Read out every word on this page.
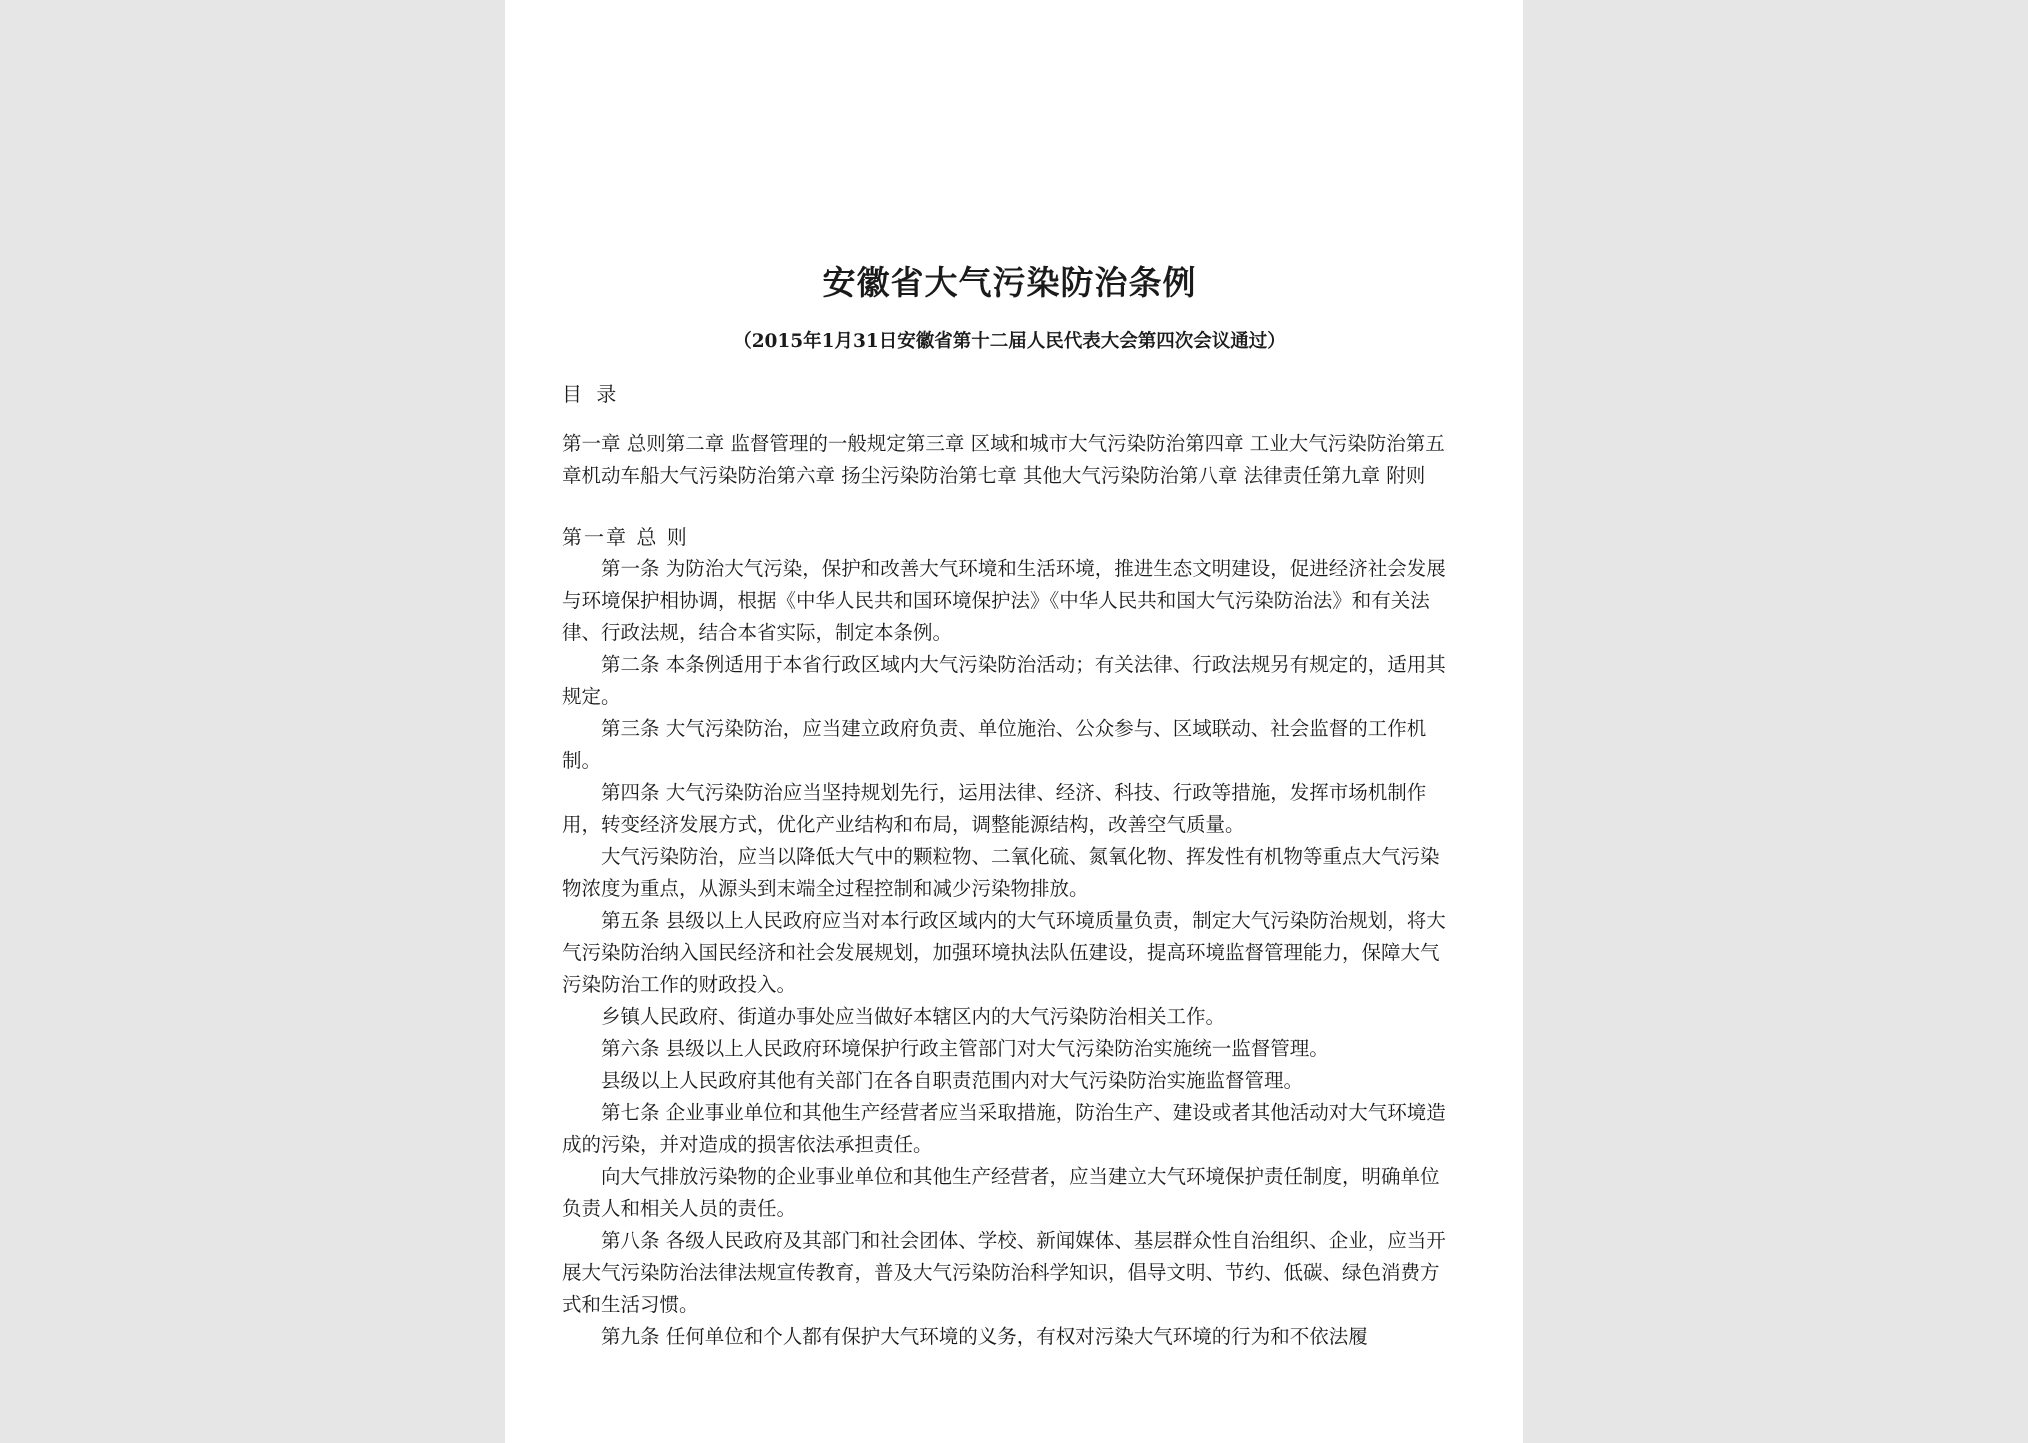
安徽省大气污染防治条例
（2015年1月31日安徽省第十二届人民代表大会第四次会议通过）
目 录
第一章 总则第二章 监督管理的一般规定第三章 区域和城市大气污染防治第四章 工业大气污染防治第五章机动车船大气污染防治第六章 扬尘污染防治第七章 其他大气污染防治第八章 法律责任第九章 附则
第一章 总 则

第一条 为防治大气污染，保护和改善大气环境和生活环境，推进生态文明建设，促进经济社会发展与环境保护相协调，根据《中华人民共和国环境保护法》《中华人民共和国大气污染防治法》和有关法律、行政法规，结合本省实际，制定本条例。

第二条 本条例适用于本省行政区域内大气污染防治活动；有关法律、行政法规另有规定的，适用其规定。

第三条 大气污染防治，应当建立政府负责、单位施治、公众参与、区域联动、社会监督的工作机制。

第四条 大气污染防治应当坚持规划先行，运用法律、经济、科技、行政等措施，发挥市场机制作用，转变经济发展方式，优化产业结构和布局，调整能源结构，改善空气质量。

大气污染防治，应当以降低大气中的颗粒物、二氧化硫、氮氧化物、挥发性有机物等重点大气污染物浓度为重点，从源头到末端全过程控制和减少污染物排放。

第五条 县级以上人民政府应当对本行政区域内的大气环境质量负责，制定大气污染防治规划，将大气污染防治纳入国民经济和社会发展规划，加强环境执法队伍建设，提高环境监督管理能力，保障大气污染防治工作的财政投入。

乡镇人民政府、街道办事处应当做好本辖区内的大气污染防治相关工作。

第六条 县级以上人民政府环境保护行政主管部门对大气污染防治实施统一监督管理。

县级以上人民政府其他有关部门在各自职责范围内对大气污染防治实施监督管理。

第七条 企业事业单位和其他生产经营者应当采取措施，防治生产、建设或者其他活动对大气环境造成的污染，并对造成的损害依法承担责任。

向大气排放污染物的企业事业单位和其他生产经营者，应当建立大气环境保护责任制度，明确单位负责人和相关人员的责任。

第八条 各级人民政府及其部门和社会团体、学校、新闻媒体、基层群众性自治组织、企业，应当开展大气污染防治法律法规宣传教育，普及大气污染防治科学知识，倡导文明、节约、低碳、绿色消费方式和生活习惯。

第九条 任何单位和个人都有保护大气环境的义务，有权对污染大气环境的行为和不依法履
